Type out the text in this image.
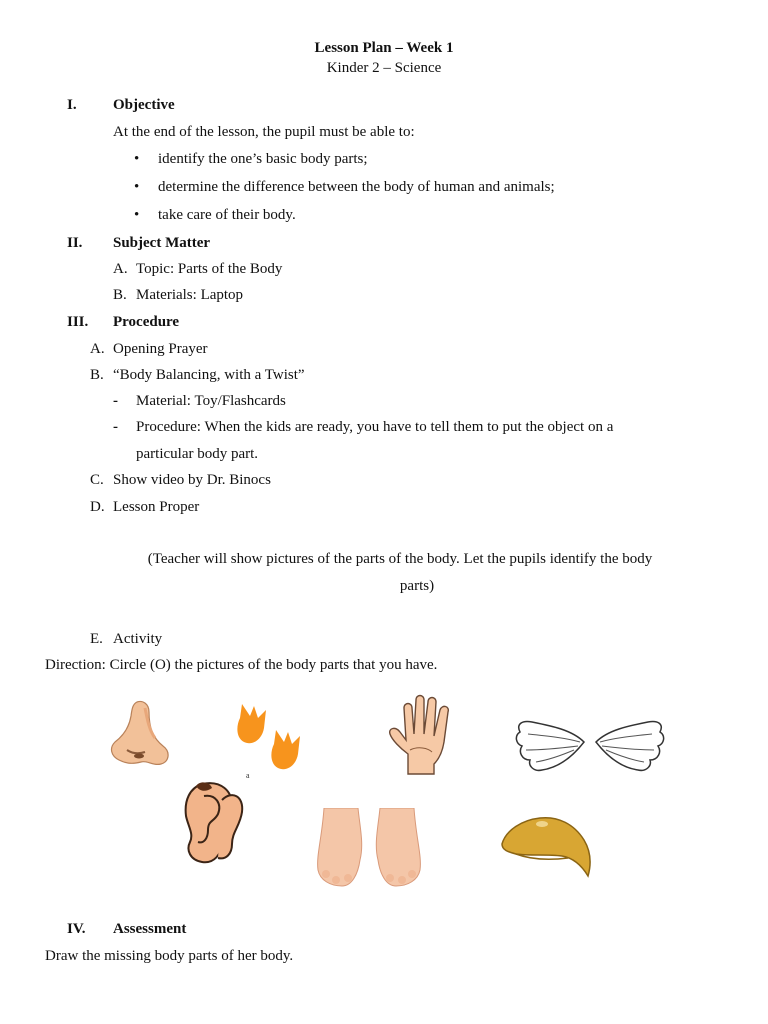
Lesson Plan – Week 1
Kinder 2 – Science
I. Objective
At the end of the lesson, the pupil must be able to:
• identify the one’s basic body parts;
• determine the difference between the body of human and animals;
• take care of their body.
II. Subject Matter
A. Topic: Parts of the Body
B. Materials: Laptop
III. Procedure
A. Opening Prayer
B. “Body Balancing, with a Twist”
- Material: Toy/Flashcards
- Procedure: When the kids are ready, you have to tell them to put the object on a
particular body part.
C. Show video by Dr. Binocs
D. Lesson Proper
(Teacher will show pictures of the parts of the body. Let the pupils identify the body
parts)
E. Activity
Direction: Circle (O) the pictures of the body parts that you have.
a
IV. Assessment
Draw the missing body parts of her body.
